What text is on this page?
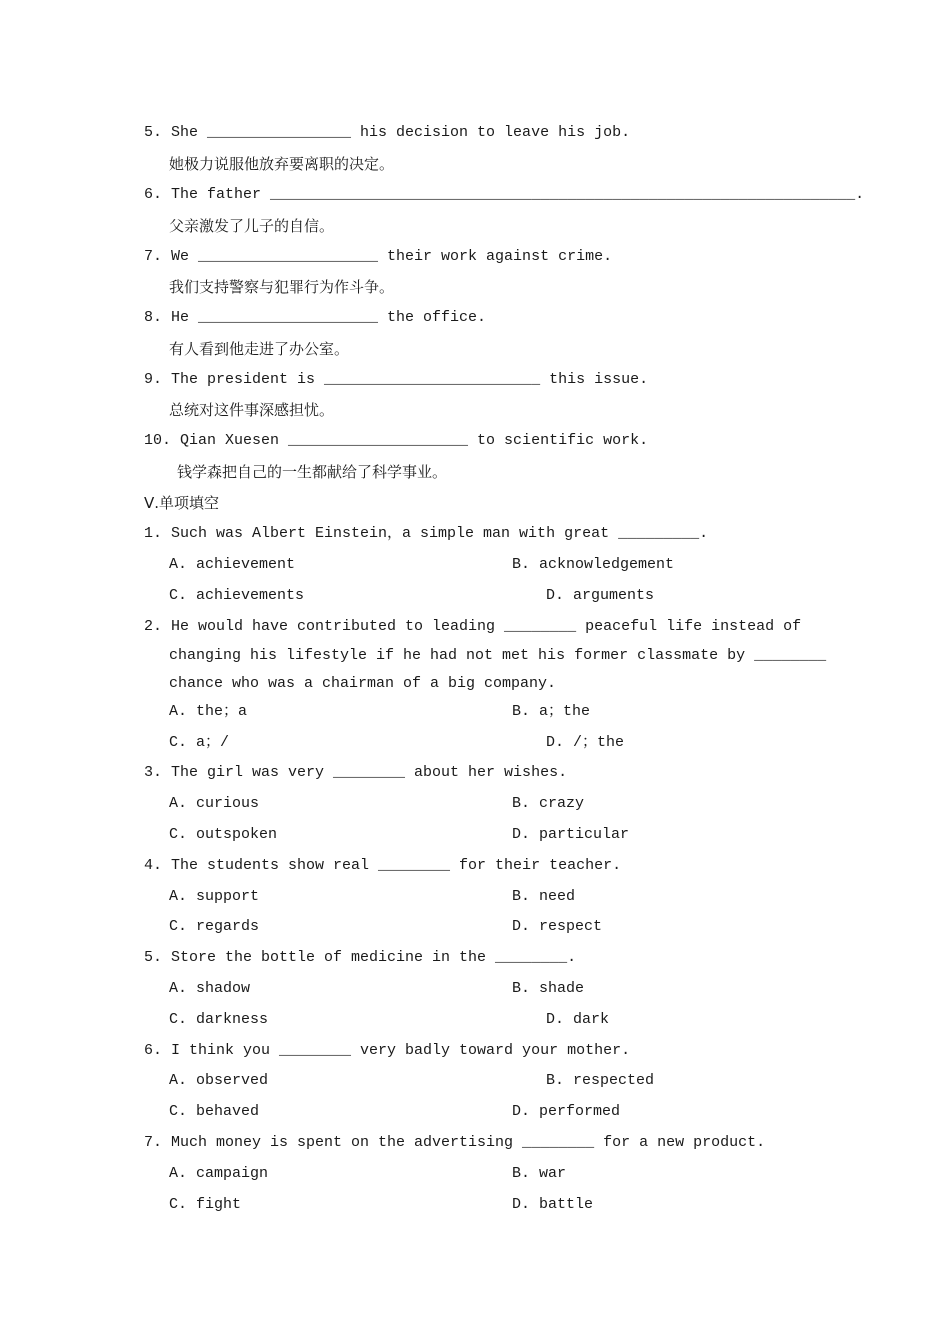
5. She ________________ his decision to leave his job.
她极力说服他放弃要离职的决定。
6. The father _________________________________________________________________.
父亲激发了儿子的自信。
7. We ____________________ their work against crime.
我们支持警察与犯罪行为作斗争。
8. He ____________________ the office.
有人看到他走进了办公室。
9. The president is ________________________ this issue.
总统对这件事深感担忧。
10. Qian Xuesen ____________________ to scientific work.
钱学森把自己的一生都献给了科学事业。
Ⅴ.单项填空
1. Such was Albert Einstein，a simple man with great _________.
A. achievement	B. acknowledgement
C. achievements	D. arguments
2. He would have contributed to leading ________ peaceful life instead of
changing his lifestyle if he had not met his former classmate by ________
chance who was a chairman of a big company.
A. the；a	B. a；the
C. a；/	D. /；the
3. The girl was very ________ about her wishes.
A. curious	B. crazy
C. outspoken	D. particular
4. The students show real ________ for their teacher.
A. support	B. need
C. regards	D. respect
5. Store the bottle of medicine in the ________.
A. shadow	B. shade
C. darkness	D. dark
6. I think you ________ very badly toward your mother.
A. observed	B. respected
C. behaved	D. performed
7. Much money is spent on the advertising ________ for a new product.
A. campaign	B. war
C. fight	D. battle
